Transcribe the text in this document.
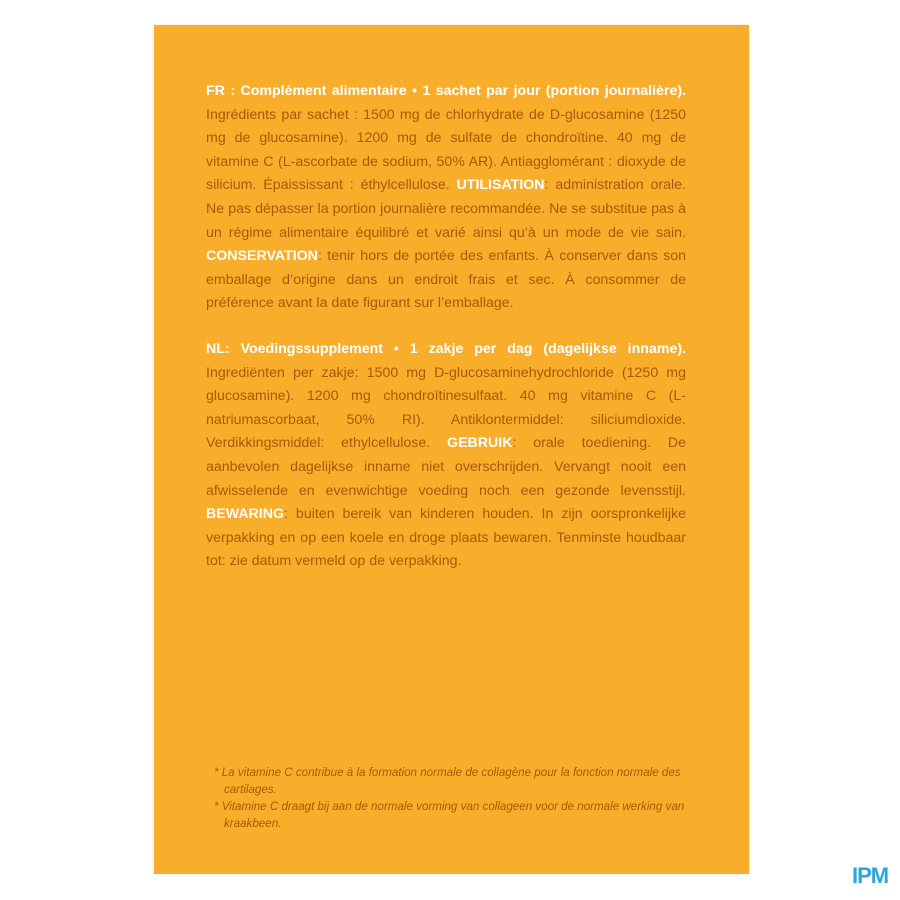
FR : Complément alimentaire • 1 sachet par jour (portion journalière). Ingrédients par sachet : 1500 mg de chlorhydrate de D-glucosamine (1250 mg de glucosamine). 1200 mg de sulfate de chondroïtine. 40 mg de vitamine C (L-ascorbate de sodium, 50% AR). Antiagglomérant : dioxyde de silicium. Épaississant : éthylcellulose. UTILISATION: administration orale. Ne pas dépasser la portion journalière recommandée. Ne se substitue pas à un régime alimentaire équilibré et varié ainsi qu’à un mode de vie sain. CONSERVATION: tenir hors de portée des enfants. À conserver dans son emballage d’origine dans un endroit frais et sec. À consommer de préférence avant la date figurant sur l’emballage.

NL: Voedingssupplement • 1 zakje per dag (dagelijkse inname). Ingrediënten per zakje: 1500 mg D-glucosaminehydrochloride (1250 mg glucosamine). 1200 mg chondroïtinesulfaat. 40 mg vitamine C (L-natriumascorbaat, 50% RI). Antiklontermiddel: siliciumdioxide. Verdikkingsmiddel: ethylcellulose. GEBRUIK: orale toediening. De aanbevolen dagelijkse inname niet overschrijden. Vervangt nooit een afwisselende en evenwichtige voeding noch een gezonde levensstijl. BEWARING: buiten bereik van kinderen houden. In zijn oorspronkelijke verpakking en op een koele en droge plaats bewaren. Tenminste houdbaar tot: zie datum vermeld op de verpakking.

* La vitamine C contribue à la formation normale de collagène pour la fonction normale des cartilages.
* Vitamine C draagt bij aan de normale vorming van collageen voor de normale werking van kraakbeen.
IPM
